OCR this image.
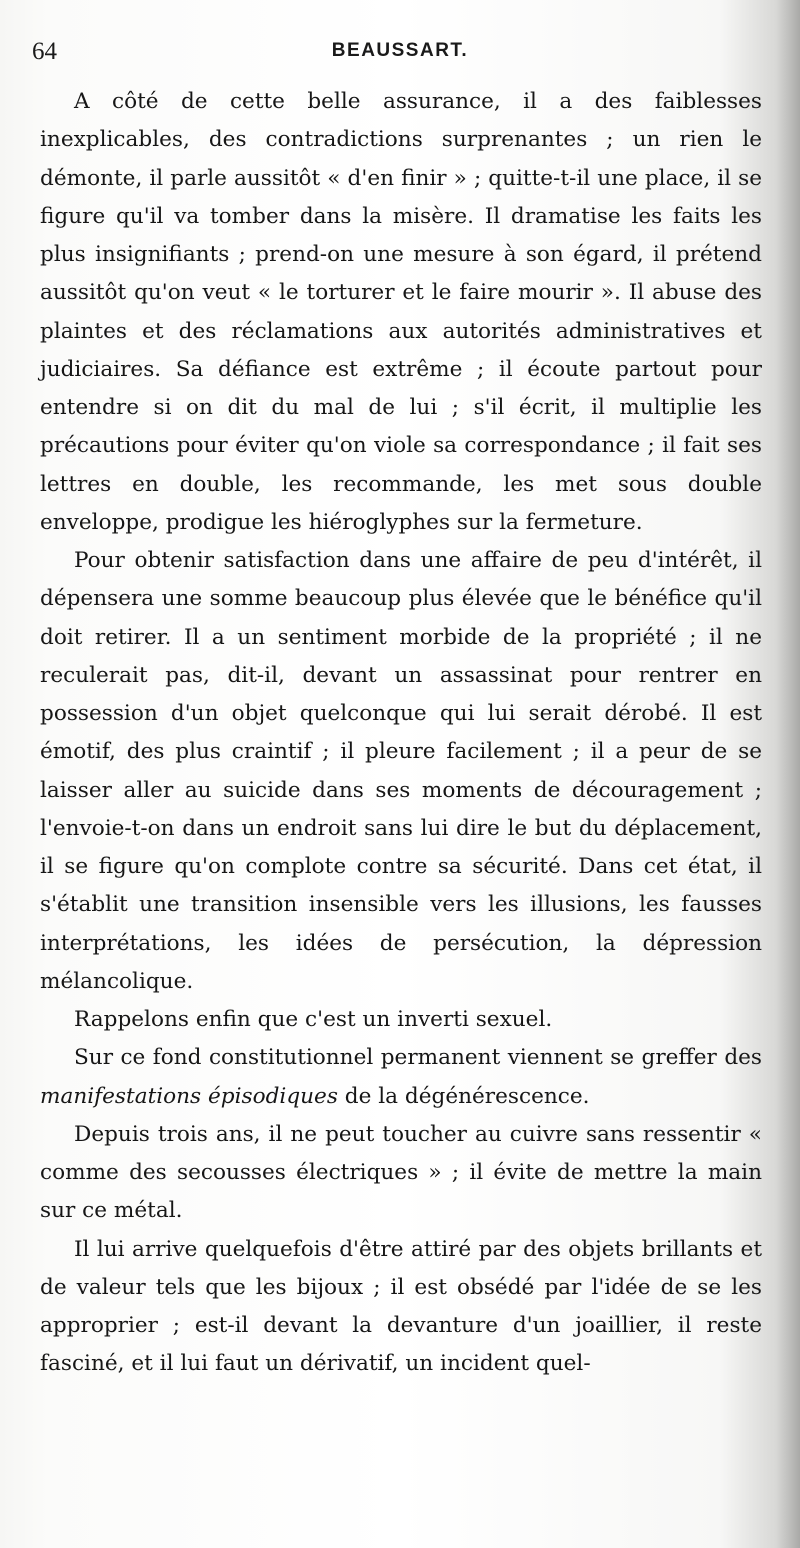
64	BEAUSSART.

A côté de cette belle assurance, il a des faiblesses inexplicables, des contradictions surprenantes ; un rien le démonte, il parle aussitôt « d'en finir » ; quitte-t-il une place, il se figure qu'il va tomber dans la misère. Il dramatise les faits les plus insignifiants ; prend-on une mesure à son égard, il prétend aussitôt qu'on veut « le torturer et le faire mourir ». Il abuse des plaintes et des réclamations aux autorités administratives et judiciaires. Sa défiance est extrême ; il écoute partout pour entendre si on dit du mal de lui ; s'il écrit, il multiplie les précautions pour éviter qu'on viole sa correspondance ; il fait ses lettres en double, les recommande, les met sous double enveloppe, prodigue les hiéroglyphes sur la fermeture.

Pour obtenir satisfaction dans une affaire de peu d'intérêt, il dépensera une somme beaucoup plus élevée que le bénéfice qu'il doit retirer. Il a un sentiment morbide de la propriété ; il ne reculerait pas, dit-il, devant un assassinat pour rentrer en possession d'un objet quelconque qui lui serait dérobé. Il est émotif, des plus craintif ; il pleure facilement ; il a peur de se laisser aller au suicide dans ses moments de découragement ; l'envoie-t-on dans un endroit sans lui dire le but du déplacement, il se figure qu'on complote contre sa sécurité. Dans cet état, il s'établit une transition insensible vers les illusions, les fausses interprétations, les idées de persécution, la dépression mélancolique.

Rappelons enfin que c'est un inverti sexuel.

Sur ce fond constitutionnel permanent viennent se greffer des manifestations épisodiques de la dégénérescence.

Depuis trois ans, il ne peut toucher au cuivre sans ressentir « comme des secousses électriques » ; il évite de mettre la main sur ce métal.

Il lui arrive quelquefois d'être attiré par des objets brillants et de valeur tels que les bijoux ; il est obsédé par l'idée de se les approprier ; est-il devant la devanture d'un joaillier, il reste fasciné, et il lui faut un dérivatif, un incident quel-
